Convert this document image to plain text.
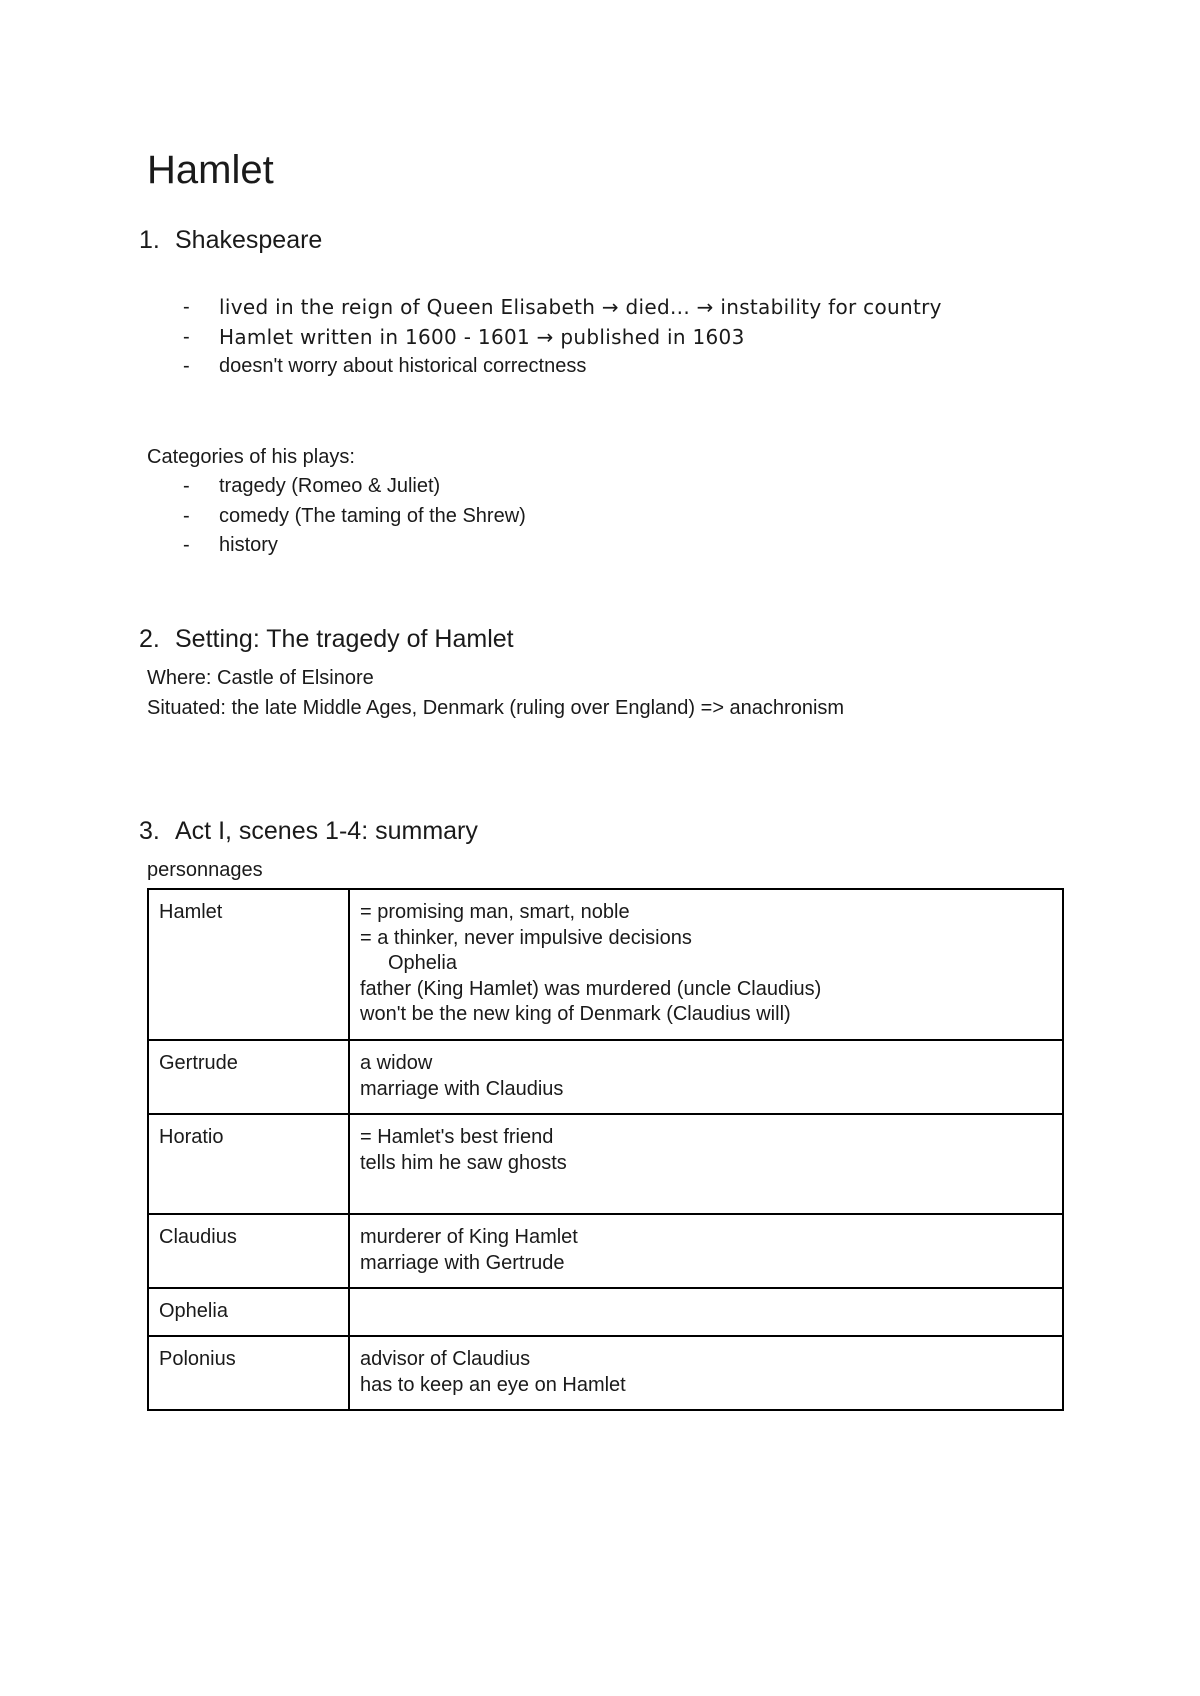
Hamlet
1. Shakespeare
- lived in the reign of Queen Elisabeth → died... → instability for country
- Hamlet written in 1600 - 1601 → published in 1603
- doesn't worry about historical correctness

Categories of his plays:

- tragedy (Romeo & Juliet)
- comedy (The taming of the Shrew)
- history
2. Setting: The tragedy of Hamlet

Where: Castle of Elsinore

Situated: the late Middle Ages, Denmark (ruling over England) => anachronism

3. Act I, scenes 1-4: summary

personnages

Hamlet	= promising man, smart, noble
= a thinker, never impulsive decisions
Ophelia
father (King Hamlet) was murdered (uncle Claudius)
won't be the new king of Denmark (Claudius will)

Gertrude	a widow
marriage with Claudius

Horatio	= Hamlet's best friend
tells him he saw ghosts

Claudius	murderer of King Hamlet
marriage with Gertrude

Ophelia	
Polonius	advisor of Claudius
has to keep an eye on Hamlet
